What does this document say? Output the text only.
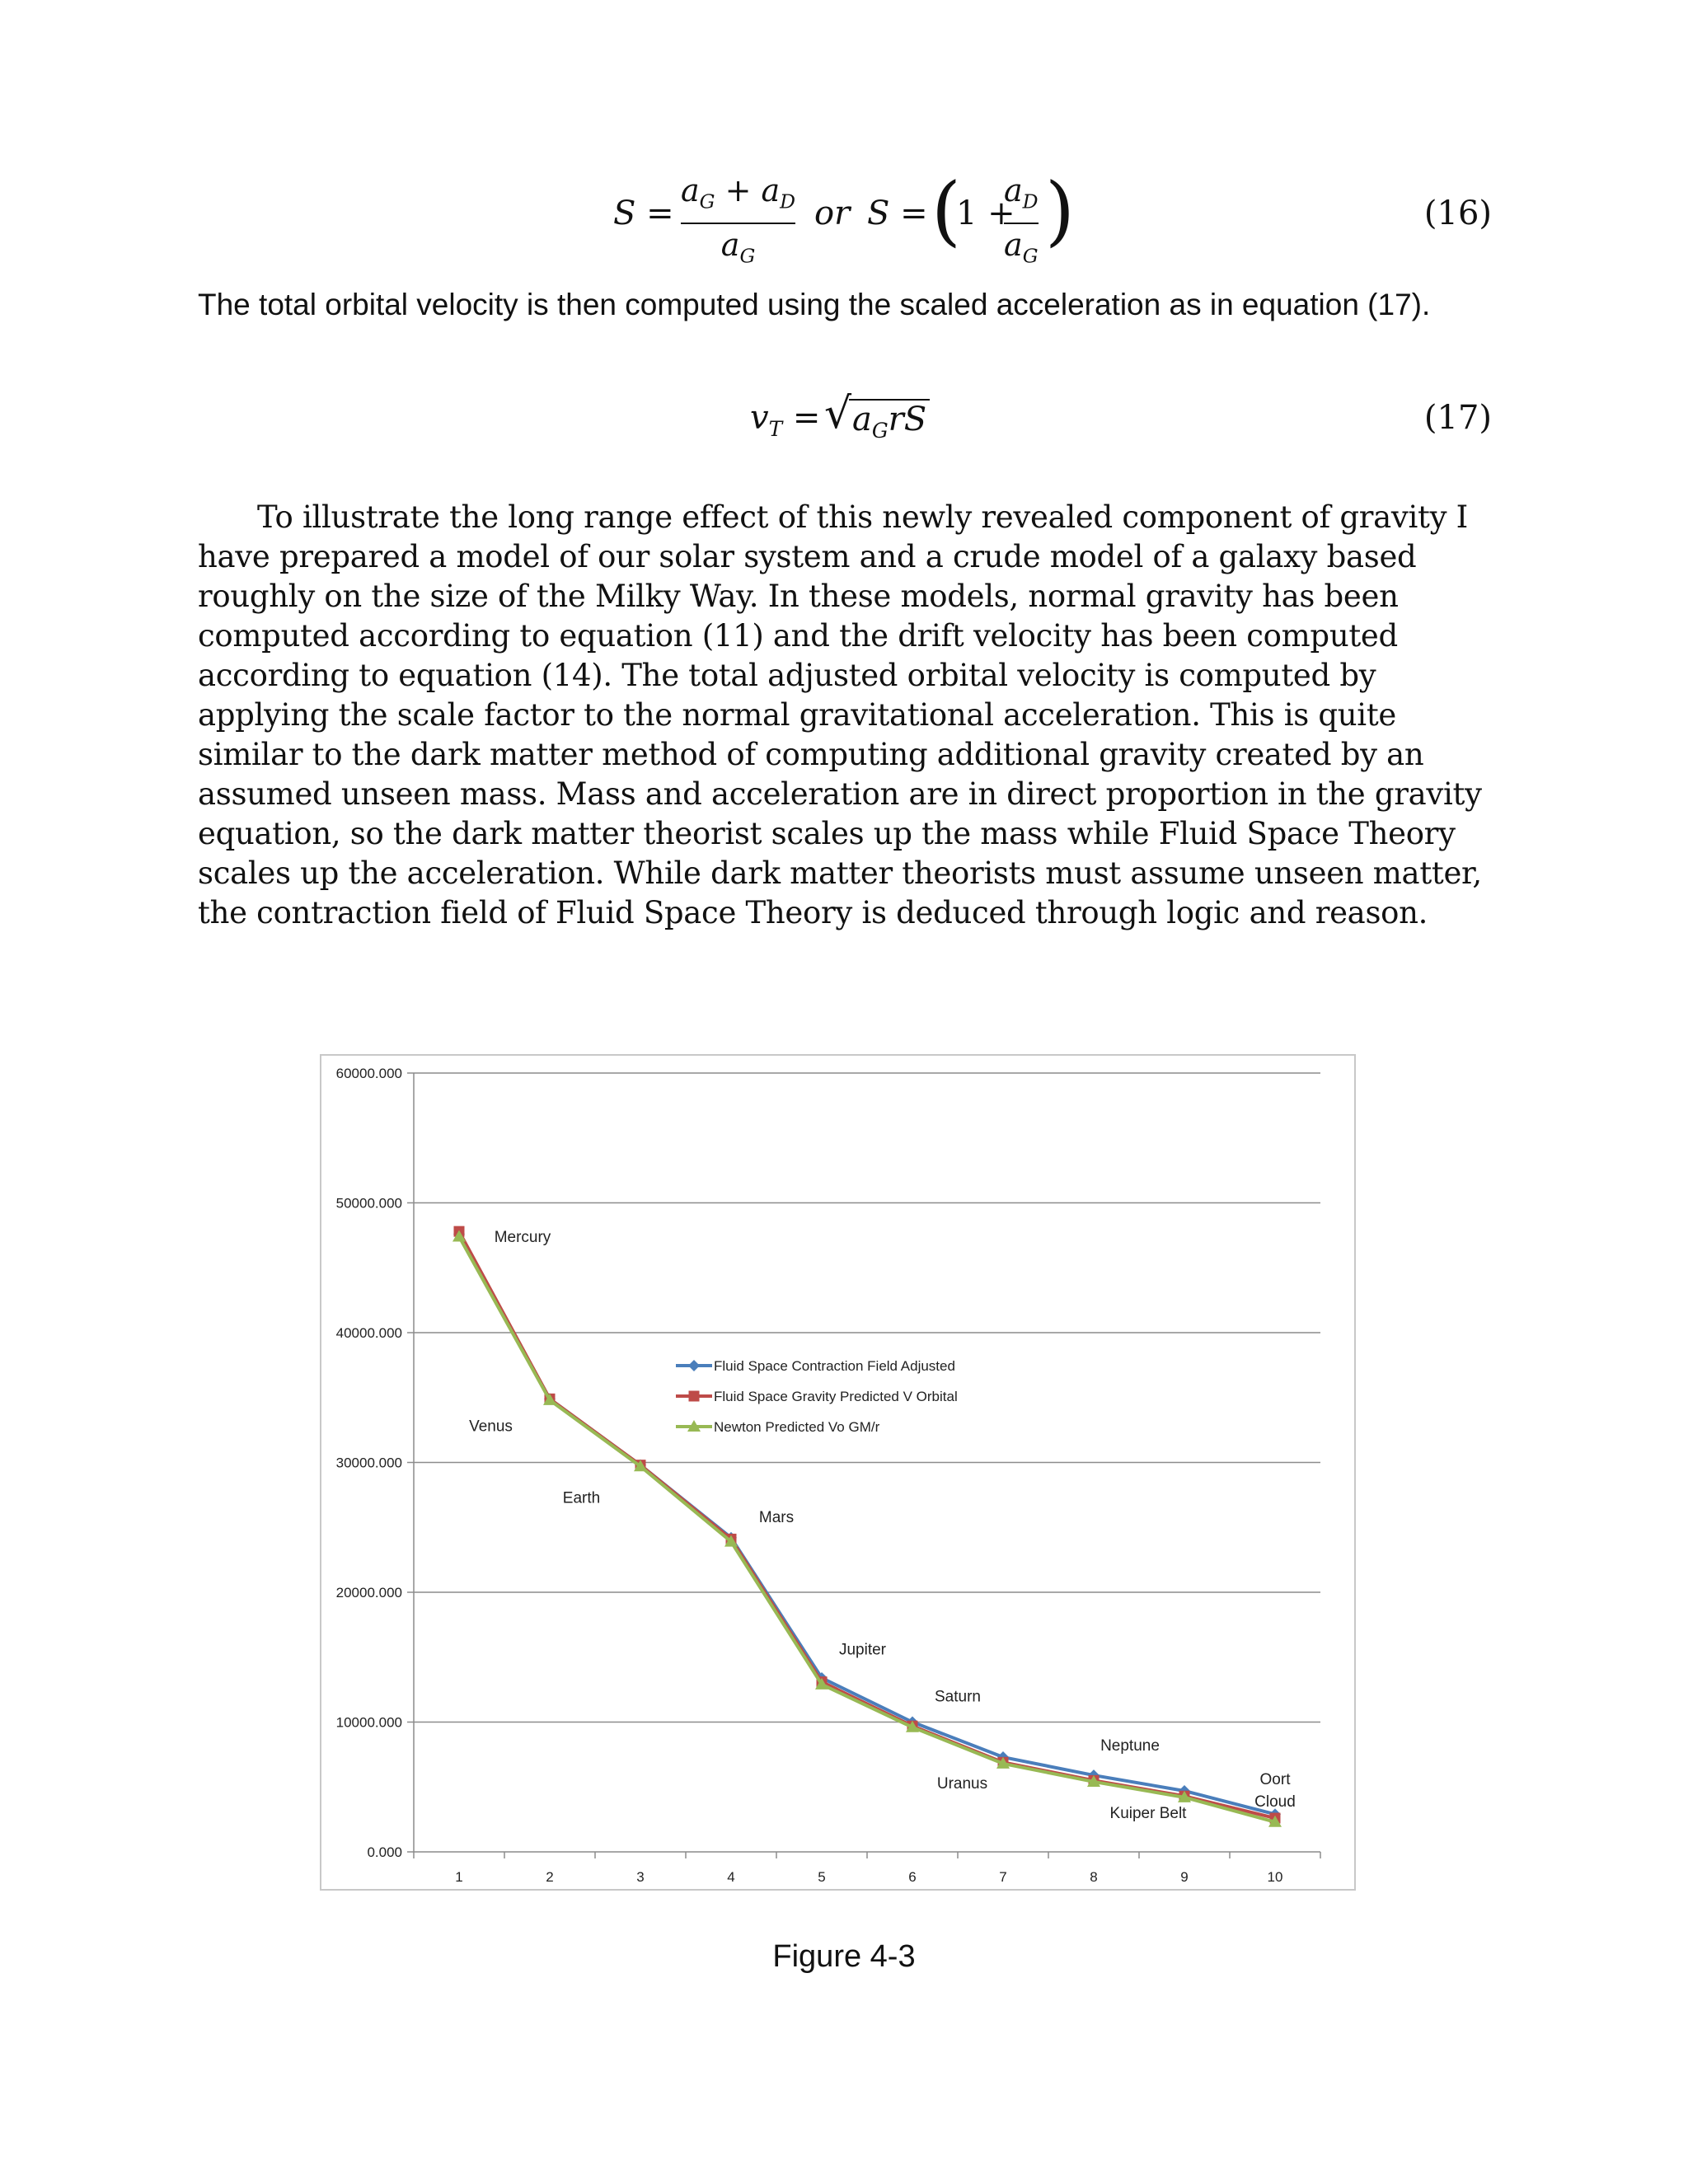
S =
$a_G + a_D$
$a_G$
or S = (
1 +
$a_D$
$a_G$
)	(16)
The total orbital velocity is then computed using the scaled acceleration as in equation (17).
$v_T$ = √ $a_GrS$	(17)
To illustrate the long range effect of this newly revealed component of gravity I have prepared a model of our solar system and a crude model of a galaxy based roughly on the size of the Milky Way. In these models, normal gravity has been computed according to equation (11) and the drift velocity has been computed according to equation (14). The total adjusted orbital velocity is computed by applying the scale factor to the normal gravitational acceleration. This is quite similar to the dark matter method of computing additional gravity created by an assumed unseen mass. Mass and acceleration are in direct proportion in the gravity equation, so the dark matter theorist scales up the mass while Fluid Space Theory scales up the acceleration. While dark matter theorists must assume unseen matter, the contraction field of Fluid Space Theory is deduced through logic and reason.
0.000
10000.000
20000.000
30000.000
40000.000
50000.000
60000.000
1	2	3	4	5	6	7	8	9	10
Mercury
Venus
Earth
Mars
Jupiter
Saturn
Uranus
Neptune
Kuiper Belt
Oort
Cloud
Fluid Space Contraction Field Adjusted
Fluid Space Gravity Predicted V Orbital
Newton Predicted Vo GM/r
Figure 4-3
